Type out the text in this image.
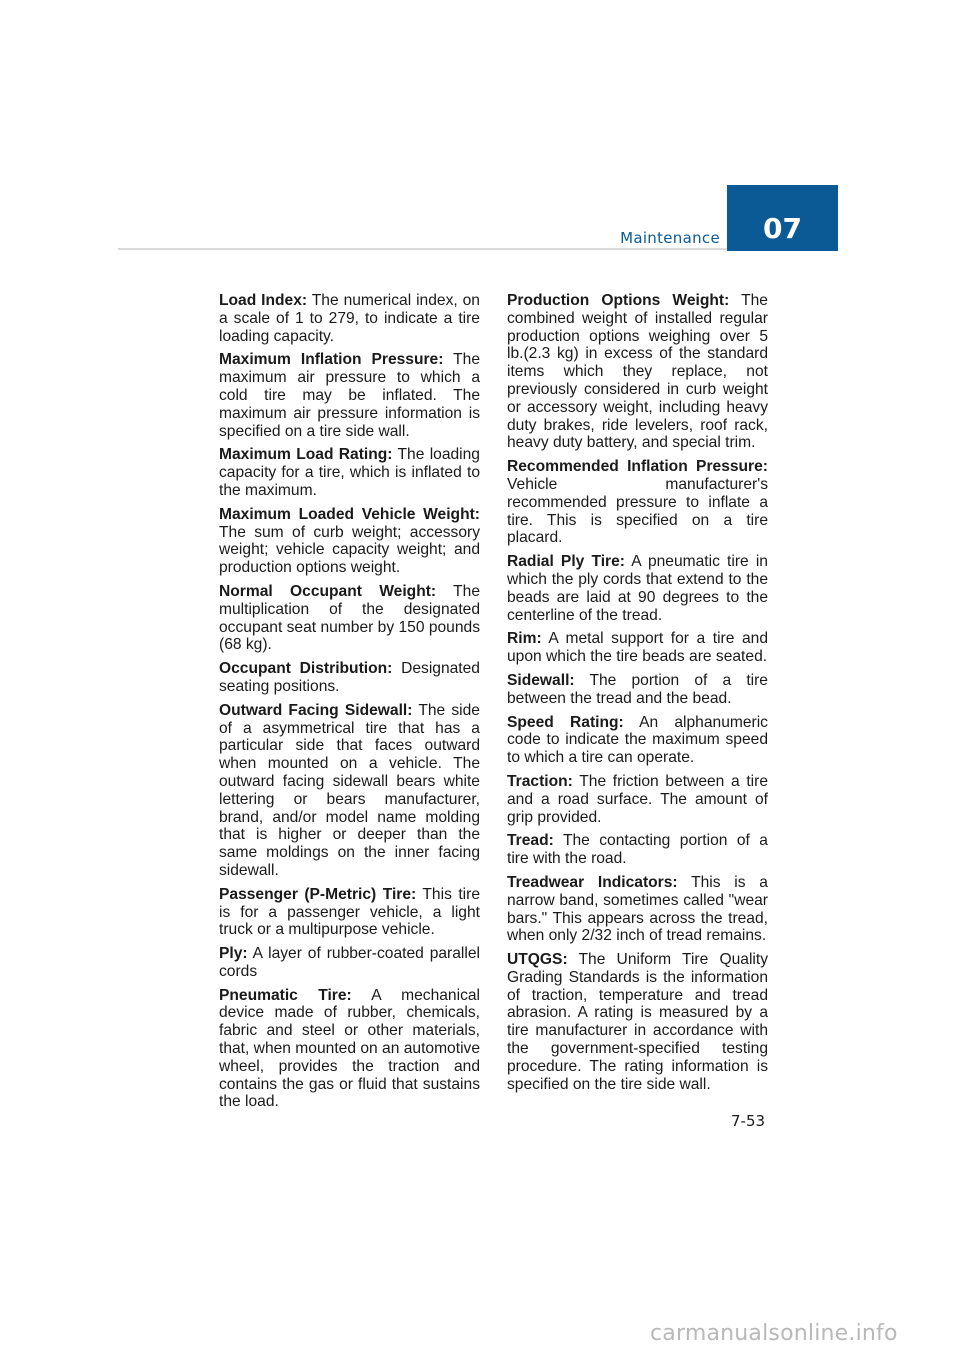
Maintenance	07

Load Index: The numerical index, on a scale of 1 to 279, to indicate a tire loading capacity.

Maximum Inflation Pressure: The maximum air pressure to which a cold tire may be inflated. The maximum air pressure information is specified on a tire side wall.

Maximum Load Rating: The loading capacity for a tire, which is inflated to the maximum.

Maximum Loaded Vehicle Weight: The sum of curb weight; accessory weight; vehicle capacity weight; and production options weight.

Normal Occupant Weight: The multiplication of the designated occupant seat number by 150 pounds (68 kg).

Occupant Distribution: Designated seating positions.

Outward Facing Sidewall: The side of a asymmetrical tire that has a particular side that faces outward when mounted on a vehicle. The outward facing sidewall bears white lettering or bears manufacturer, brand, and/or model name molding that is higher or deeper than the same moldings on the inner facing sidewall.

Passenger (P-Metric) Tire: This tire is for a passenger vehicle, a light truck or a multipurpose vehicle.

Ply: A layer of rubber-coated parallel cords

Pneumatic Tire: A mechanical device made of rubber, chemicals, fabric and steel or other materials, that, when mounted on an automotive wheel, provides the traction and contains the gas or fluid that sustains the load.

Production Options Weight: The combined weight of installed regular production options weighing over 5 lb.(2.3 kg) in excess of the standard items which they replace, not previously considered in curb weight or accessory weight, including heavy duty brakes, ride levelers, roof rack, heavy duty battery, and special trim.

Recommended Inflation Pressure: Vehicle manufacturer's recommended pressure to inflate a tire. This is specified on a tire placard.

Radial Ply Tire: A pneumatic tire in which the ply cords that extend to the beads are laid at 90 degrees to the centerline of the tread.

Rim: A metal support for a tire and upon which the tire beads are seated.

Sidewall: The portion of a tire between the tread and the bead.

Speed Rating: An alphanumeric code to indicate the maximum speed to which a tire can operate.

Traction: The friction between a tire and a road surface. The amount of grip provided.

Tread: The contacting portion of a tire with the road.

Treadwear Indicators: This is a narrow band, sometimes called "wear bars." This appears across the tread, when only 2/32 inch of tread remains.

UTQGS: The Uniform Tire Quality Grading Standards is the information of traction, temperature and tread abrasion. A rating is measured by a tire manufacturer in accordance with the government-specified testing procedure. The rating information is specified on the tire side wall.

7-53
carmanualsonline.info
